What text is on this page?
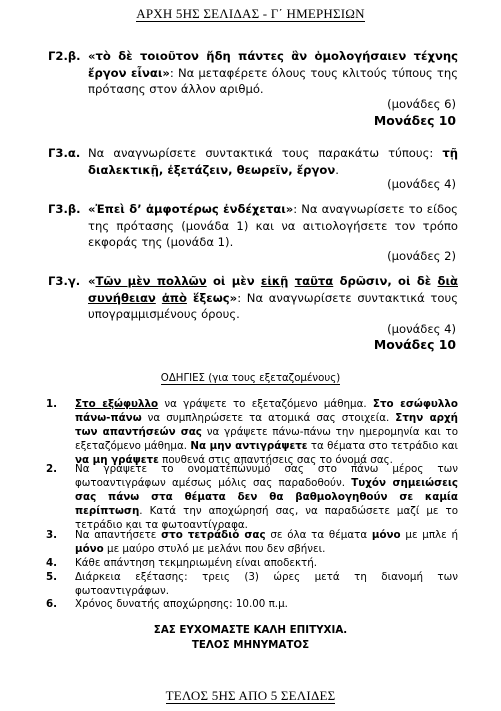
ΑΡΧΗ 5ΗΣ ΣΕΛΙΔΑΣ - Γ΄ ΗΜΕΡΗΣΙΩΝ
Γ2.β. «τὸ δὲ τοιοῦτον ἤδη πάντες ἂν ὁμολογήσαιεν τέχνης ἔργον εἶναι»: Να μεταφέρετε όλους τους κλιτούς τύπους της πρότασης στον άλλον αριθμό.
(μονάδες 6)
Μονάδες 10
Γ3.α. Να αναγνωρίσετε συντακτικά τους παρακάτω τύπους: τῇ διαλεκτικῇ, ἐξετάζειν, θεωρεῖν, ἔργον.
(μονάδες 4)
Γ3.β. «Ἐπεὶ δ’ ἀμφοτέρως ἐνδέχεται»: Να αναγνωρίσετε το είδος της πρότασης (μονάδα 1) και να αιτιολογήσετε τον τρόπο εκφοράς της (μονάδα 1).
(μονάδες 2)
Γ3.γ. «Τῶν μὲν πολλῶν οἱ μὲν εἰκῇ ταῦτα δρῶσιν, οἱ δὲ διὰ συνήθειαν ἀπὸ ἕξεως»: Να αναγνωρίσετε συντακτικά τους υπογραμμισμένους όρους.
(μονάδες 4)
Μονάδες 10
ΟΔΗΓΙΕΣ (για τους εξεταζομένους)
1. Στο εξώφυλλο να γράψετε το εξεταζόμενο μάθημα. Στο εσώφυλλο πάνω-πάνω να συμπληρώσετε τα ατομικά σας στοιχεία. Στην αρχή των απαντήσεών σας να γράψετε πάνω-πάνω την ημερομηνία και το εξεταζόμενο μάθημα. Να μην αντιγράψετε τα θέματα στο τετράδιο και να μη γράψετε πουθενά στις απαντήσεις σας το όνομά σας.
2. Να γράψετε το ονοματεπώνυμό σας στο πάνω μέρος των φωτοαντιγράφων αμέσως μόλις σας παραδοθούν. Τυχόν σημειώσεις σας πάνω στα θέματα δεν θα βαθμολογηθούν σε καμία περίπτωση. Κατά την αποχώρησή σας, να παραδώσετε μαζί με το τετράδιο και τα φωτοαντίγραφα.
3. Να απαντήσετε στο τετράδιό σας σε όλα τα θέματα μόνο με μπλε ή μόνο με μαύρο στυλό με μελάνι που δεν σβήνει.
4. Κάθε απάντηση τεκμηριωμένη είναι αποδεκτή.
5. Διάρκεια εξέτασης: τρεις (3) ώρες μετά τη διανομή των φωτοαντιγράφων.
6. Χρόνος δυνατής αποχώρησης: 10.00 π.μ.
ΣΑΣ ΕΥΧΟΜΑΣΤΕ ΚΑΛΗ ΕΠΙΤΥΧΙΑ.
ΤΕΛΟΣ ΜΗΝΥΜΑΤΟΣ
ΤΕΛΟΣ 5ΗΣ ΑΠΟ 5 ΣΕΛΙΔΕΣ
